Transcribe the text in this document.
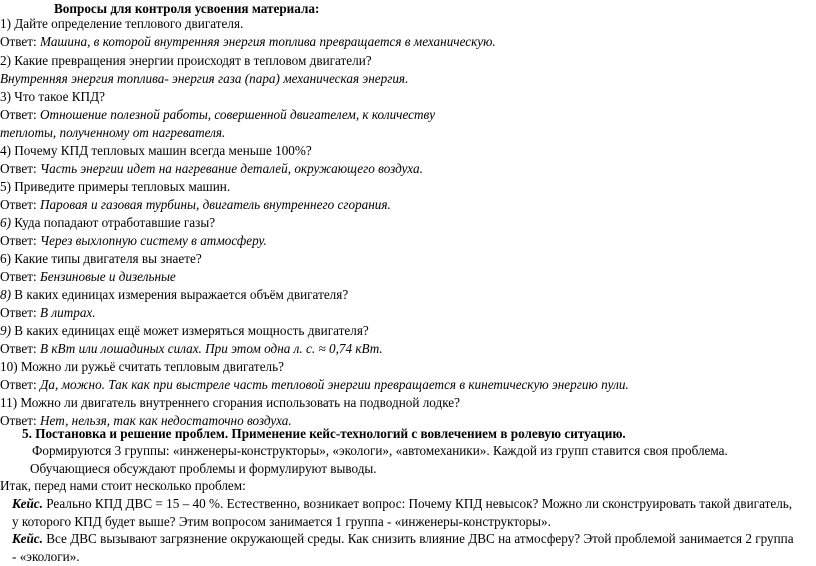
Вопросы для контроля усвоения материала:

1) Дайте определение теплового двигателя.

Ответ: Машина, в которой внутренняя энергия топлива превращается в механическую.

2) Какие превращения энергии происходят в тепловом двигатели?

Внутренняя энергия топлива- энергия газа (пара) механическая энергия.

3) Что такое КПД?

Ответ: Отношение полезной работы, совершенной двигателем, к количеству

теплоты, полученному от нагревателя.

4) Почему КПД тепловых машин всегда меньше 100%?

Ответ: Часть энергии идет на нагревание деталей, окружающего воздуха.

5) Приведите примеры тепловых машин.

Ответ: Паровая и газовая турбины, двигатель внутреннего сгорания.

6) Куда попадают отработавшие газы?

Ответ: Через выхлопную систему в атмосферу.

6) Какие типы двигателя вы знаете?

Ответ: Бензиновые и дизельные

8) В каких единицах измерения выражается объём двигателя?

Ответ: В литрах.

9) В каких единицах ещё может измеряться мощность двигателя?

Ответ: В кВт или лошадиных силах. При этом одна л. с. ≈ 0,74 кВт.

10) Можно ли ружьё считать тепловым двигатель?

Ответ: Да, можно. Так как при выстреле часть тепловой энергии превращается в кинетическую энергию пули.

11) Можно ли двигатель внутреннего сгорания использовать на подводной лодке?

Ответ: Нет, нельзя, так как недостаточно воздуха.

5. Постановка и решение проблем. Применение кейс-технологий с вовлечением в ролевую ситуацию.

Формируются 3 группы: «инженеры-конструкторы», «экологи», «автомеханики». Каждой из групп ставится своя проблема.

Обучающиеся обсуждают проблемы и формулируют выводы.

Итак, перед нами стоит несколько проблем:

Кейс. Реально КПД ДВС = 15 – 40 %. Естественно, возникает вопрос: Почему КПД невысок? Можно ли сконструировать такой двигатель,

у которого КПД будет выше? Этим вопросом занимается 1 группа - «инженеры-конструкторы».

Кейс. Все ДВС вызывают загрязнение окружающей среды. Как снизить влияние ДВС на атмосферу? Этой проблемой занимается 2 группа

- «экологи».
